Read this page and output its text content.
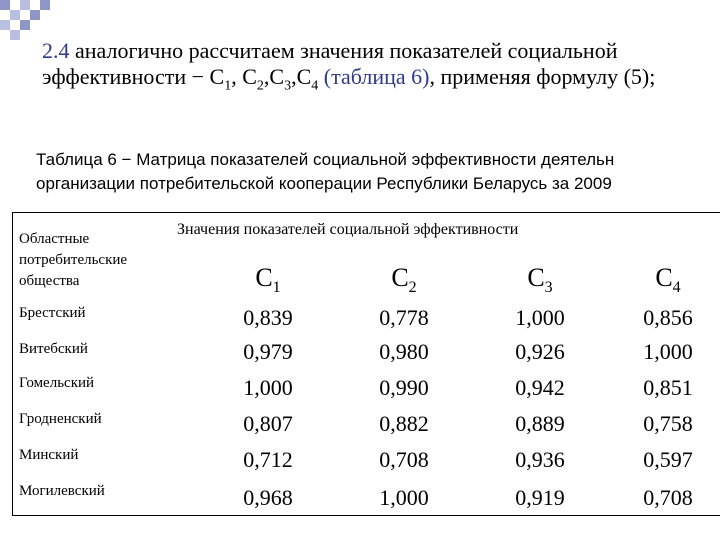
2.4 аналогично рассчитаем значения показателей социальной эффективности − $С_1$, $С_2,С_3,С_4$ (таблица 6), применяя формулу (5);
Таблица 6 − Матрица показателей социальной эффективности деятельн
организации потребительской кооперации Республики Беларусь за 2009
Областные потребительские общества
Значения показателей социальной эффективности
$С_1$	$С_2$	$С_3$	$С_4$
Брестский	0,839	0,778	1,000	0,856
Витебский	0,979	0,980	0,926	1,000
Гомельский	1,000	0,990	0,942	0,851
Гродненский	0,807	0,882	0,889	0,758
Минский	0,712	0,708	0,936	0,597
Могилевский	0,968	1,000	0,919	0,708
